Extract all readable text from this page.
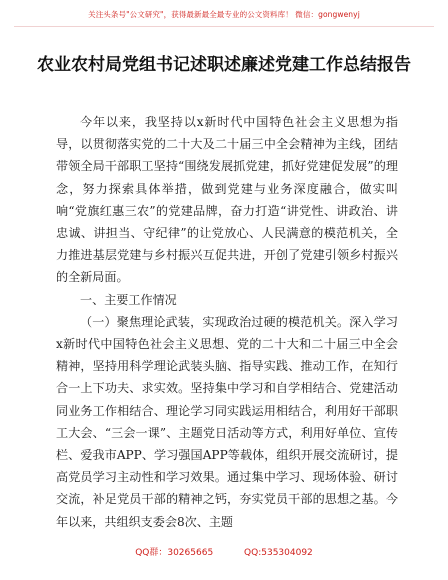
关注头条号"公文研究"，获得最新最全最专业的公文资料库！ 微信：gongwenyj
农业农村局党组书记述职述廉述党建工作总结报告

今年以来，我坚持以x新时代中国特色社会主义思想为指导，以贯彻落实党的二十大及二十届三中全会精神为主线，团结带领全局干部职工坚持“围绕发展抓党建，抓好党建促发展”的理念，努力探索具体举措，做到党建与业务深度融合，做实叫响“党旗红惠三农”的党建品牌，奋力打造“讲党性、讲政治、讲忠诚、讲担当、守纪律”的让党放心、人民满意的模范机关，全力推进基层党建与乡村振兴互促共进，开创了党建引领乡村振兴的全新局面。

一、主要工作情况

（一）聚焦理论武装，实现政治过硬的模范机关。深入学习x新时代中国特色社会主义思想、党的二十大和二十届三中全会精神，坚持用科学理论武装头脑、指导实践、推动工作，在知行合一上下功夫、求实效。坚持集中学习和自学相结合、党建活动同业务工作相结合、理论学习同实践运用相结合，利用好干部职工大会、“三会一课”、主题党日活动等方式，利用好单位、宣传栏、爱我市APP、学习强国APP等载体，组织开展交流研讨，提高党员学习主动性和学习效果。通过集中学习、现场体验、研讨交流，补足党员干部的精神之钙，夯实党员干部的思想之基。今年以来，共组织支委会8次、主题

QQ群：30265665	QQ:535304092
